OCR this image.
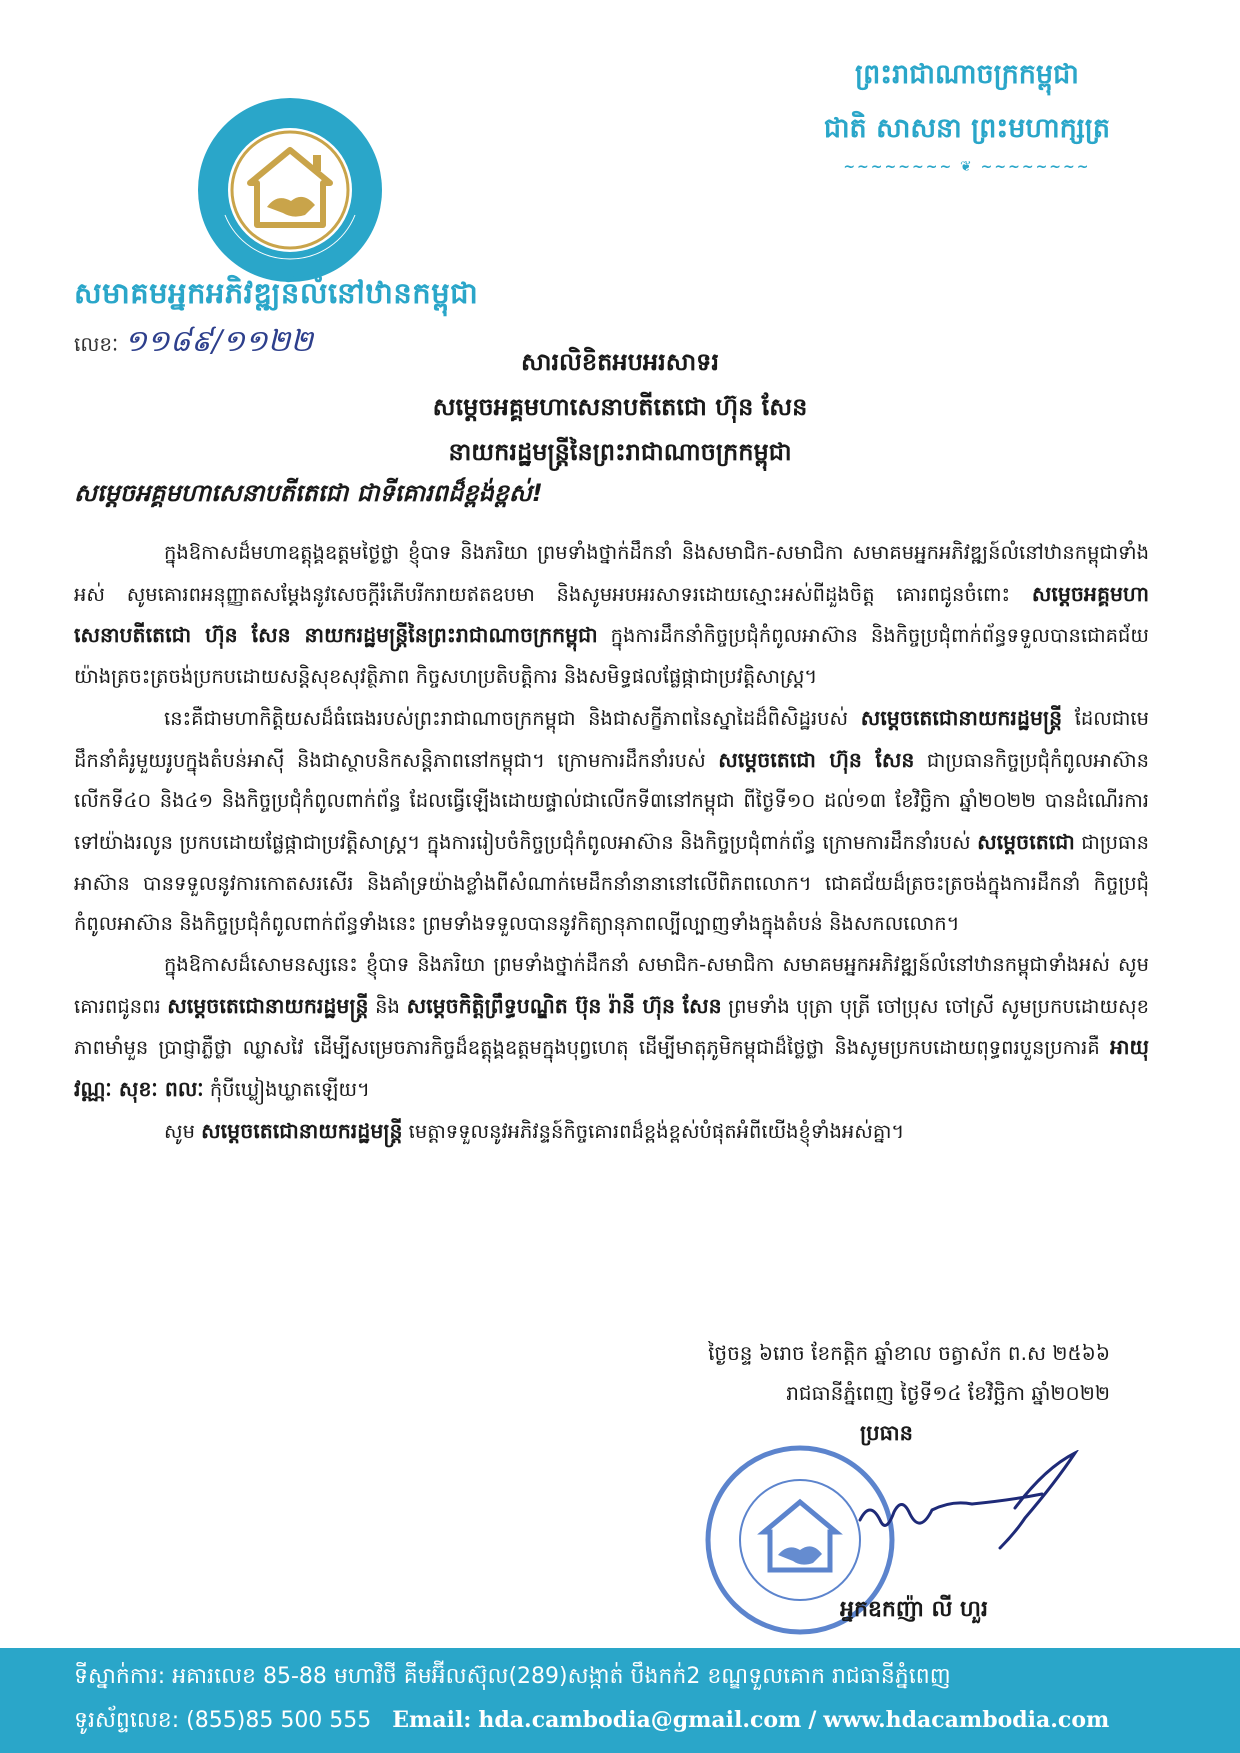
ព្រះរាជាណាចក្រកម្ពុជា
ជាតិ សាសនា ព្រះមហាក្សត្រ
~~~~~~~~ ❦ ~~~~~~~~
សមាគមអ្នកអភិវឌ្ឍន៍លំនៅឋានកម្ពុជា
លេខៈ ១១៨៩/១១២២
សារលិខិតអបអរសាទរ
សម្តេចអគ្គមហាសេនាបតីតេជោ ហ៊ុន សែន
នាយករដ្ឋមន្ត្រីនៃព្រះរាជាណាចក្រកម្ពុជា
សម្តេចអគ្គមហាសេនាបតីតេជោ ជាទីគោរពដ៏ខ្ពង់ខ្ពស់!

ក្នុងឱកាសដ៏មហាឧត្តុង្គឧត្តមថ្ងៃថ្លា ខ្ញុំបាទ និងភរិយា ព្រមទាំងថ្នាក់ដឹកនាំ និងសមាជិក-សមាជិកា សមាគមអ្នកអភិវឌ្ឍន៍លំនៅឋានកម្ពុជាទាំងអស់ សូមគោរពអនុញ្ញាតសម្តែងនូវសេចក្តីរំភើបរីករាយឥតឧបមា និងសូមអបអរសាទរដោយស្មោះអស់ពីដួងចិត្ត គោរពជូនចំពោះ សម្តេចអគ្គមហាសេនាបតីតេជោ ហ៊ុន សែន នាយករដ្ឋមន្ត្រីនៃព្រះរាជាណាចក្រកម្ពុជា ក្នុងការដឹកនាំកិច្ចប្រជុំកំពូលអាស៊ាន និងកិច្ចប្រជុំពាក់ព័ន្ធទទួលបានជោគជ័យយ៉ាងត្រចះត្រចង់ប្រកបដោយសន្តិសុខសុវត្ថិភាព កិច្ចសហប្រតិបត្តិការ និងសមិទ្ធផលផ្លែផ្កាជាប្រវត្តិសាស្ត្រ។

នេះគឺជាមហាកិត្តិយសដ៏ធំធេងរបស់ព្រះរាជាណាចក្រកម្ពុជា និងជាសក្ខីភាពនៃស្នាដៃដ៏ពិសិដ្ឋរបស់ សម្តេចតេជោនាយករដ្ឋមន្ត្រី ដែលជាមេដឹកនាំគំរូមួយរូបក្នុងតំបន់អាស៊ី និងជាស្ថាបនិកសន្តិភាពនៅកម្ពុជា។ ក្រោមការដឹកនាំរបស់ សម្តេចតេជោ ហ៊ុន សែន ជាប្រធានកិច្ចប្រជុំកំពូលអាស៊ាន លើកទី៤០ និង៤១ និងកិច្ចប្រជុំកំពូលពាក់ព័ន្ធ ដែលធ្វើឡើងដោយផ្ទាល់ជាលើកទី៣នៅកម្ពុជា ពីថ្ងៃទី១០ ដល់១៣ ខែវិច្ឆិកា ឆ្នាំ២០២២ បានដំណើរការទៅយ៉ាងរលូន ប្រកបដោយផ្លែផ្កាជាប្រវត្តិសាស្ត្រ។ ក្នុងការរៀបចំកិច្ចប្រជុំកំពូលអាស៊ាន និងកិច្ចប្រជុំពាក់ព័ន្ធ ក្រោមការដឹកនាំរបស់ សម្តេចតេជោ ជាប្រធានអាស៊ាន បានទទួលនូវការកោតសរសើរ និងគាំទ្រយ៉ាងខ្លាំងពីសំណាក់មេដឹកនាំនានានៅលើពិភពលោក។ ជោគជ័យដ៏ត្រចះត្រចង់ក្នុងការដឹកនាំ កិច្ចប្រជុំកំពូលអាស៊ាន និងកិច្ចប្រជុំកំពូលពាក់ព័ន្ធទាំងនេះ ព្រមទាំងទទួលបាននូវកិត្យានុភាពល្បីល្បាញទាំងក្នុងតំបន់ និងសកលលោក។

ក្នុងឱកាសដ៏សោមនស្សនេះ ខ្ញុំបាទ និងភរិយា ព្រមទាំងថ្នាក់ដឹកនាំ សមាជិក-សមាជិកា សមាគមអ្នកអភិវឌ្ឍន៍លំនៅឋានកម្ពុជាទាំងអស់ សូមគោរពជូនពរ សម្តេចតេជោនាយករដ្ឋមន្ត្រី និង សម្តេចកិត្តិព្រឹទ្ធបណ្ឌិត ប៊ុន រ៉ានី ហ៊ុន សែន ព្រមទាំង បុត្រា បុត្រី ចៅប្រុស ចៅស្រី សូមប្រកបដោយសុខភាពមាំមួន ប្រាជ្ញាភ្លឺថ្លា ឈ្លាសវៃ ដើម្បីសម្រេចភារកិច្ចដ៏ឧត្តុង្គឧត្តមក្នុងបុព្វហេតុ ដើម្បីមាតុភូមិកម្ពុជាដ៏ថ្លៃថ្លា និងសូមប្រកបដោយពុទ្ធពរបួនប្រការគឺ អាយុ វណ្ណៈ សុខៈ ពលៈ កុំបីឃ្លៀងឃ្លាតឡើយ។

សូម សម្តេចតេជោនាយករដ្ឋមន្ត្រី មេត្តាទទួលនូវអភិវន្ទន៍កិច្ចគោរពដ៏ខ្ពង់ខ្ពស់បំផុតអំពីយើងខ្ញុំទាំងអស់គ្នា។

ថ្ងៃចន្ទ ៦រោច ខែកត្តិក ឆ្នាំខាល ចត្វាស័ក ព.ស ២៥៦៦
រាជធានីភ្នំពេញ ថ្ងៃទី១៤ ខែវិច្ឆិកា ឆ្នាំ២០២២
ប្រធាន
អ្នកឧកញ៉ា លី ហួរ
ទីស្នាក់ការ: អគារលេខ 85-88 មហាវិថី គីមអ៊ីលស៊ុល(289)សង្កាត់ បឹងកក់2 ខណ្ឌទួលគោក រាជធានីភ្នំពេញ
ទូរស័ព្ទលេខ: (855)85 500 555 Email: hda.cambodia@gmail.com / www.hdacambodia.com
